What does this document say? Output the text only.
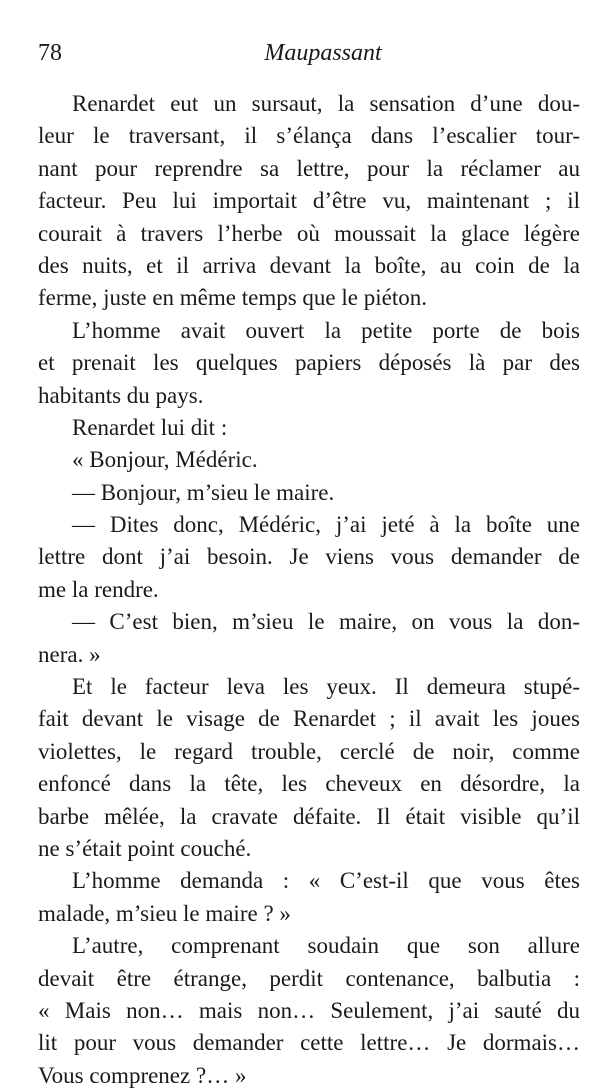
78	Maupassant
Renardet eut un sursaut, la sensation d’une dou-
leur le traversant, il s’élança dans l’escalier tour-
nant pour reprendre sa lettre, pour la réclamer au
facteur. Peu lui importait d’être vu, maintenant ; il
courait à travers l’herbe où moussait la glace légère
des nuits, et il arriva devant la boîte, au coin de la
ferme, juste en même temps que le piéton.
L’homme avait ouvert la petite porte de bois
et prenait les quelques papiers déposés là par des
habitants du pays.
Renardet lui dit :
« Bonjour, Médéric.
— Bonjour, m’sieu le maire.
— Dites donc, Médéric, j’ai jeté à la boîte une
lettre dont j’ai besoin. Je viens vous demander de
me la rendre.
— C’est bien, m’sieu le maire, on vous la don-
nera. »
Et le facteur leva les yeux. Il demeura stupé-
fait devant le visage de Renardet ; il avait les joues
violettes, le regard trouble, cerclé de noir, comme
enfoncé dans la tête, les cheveux en désordre, la
barbe mêlée, la cravate défaite. Il était visible qu’il
ne s’était point couché.
L’homme demanda : « C’est-il que vous êtes
malade, m’sieu le maire ? »
L’autre, comprenant soudain que son allure
devait être étrange, perdit contenance, balbutia :
« Mais non… mais non… Seulement, j’ai sauté du
lit pour vous demander cette lettre… Je dormais…
Vous comprenez ?… »
